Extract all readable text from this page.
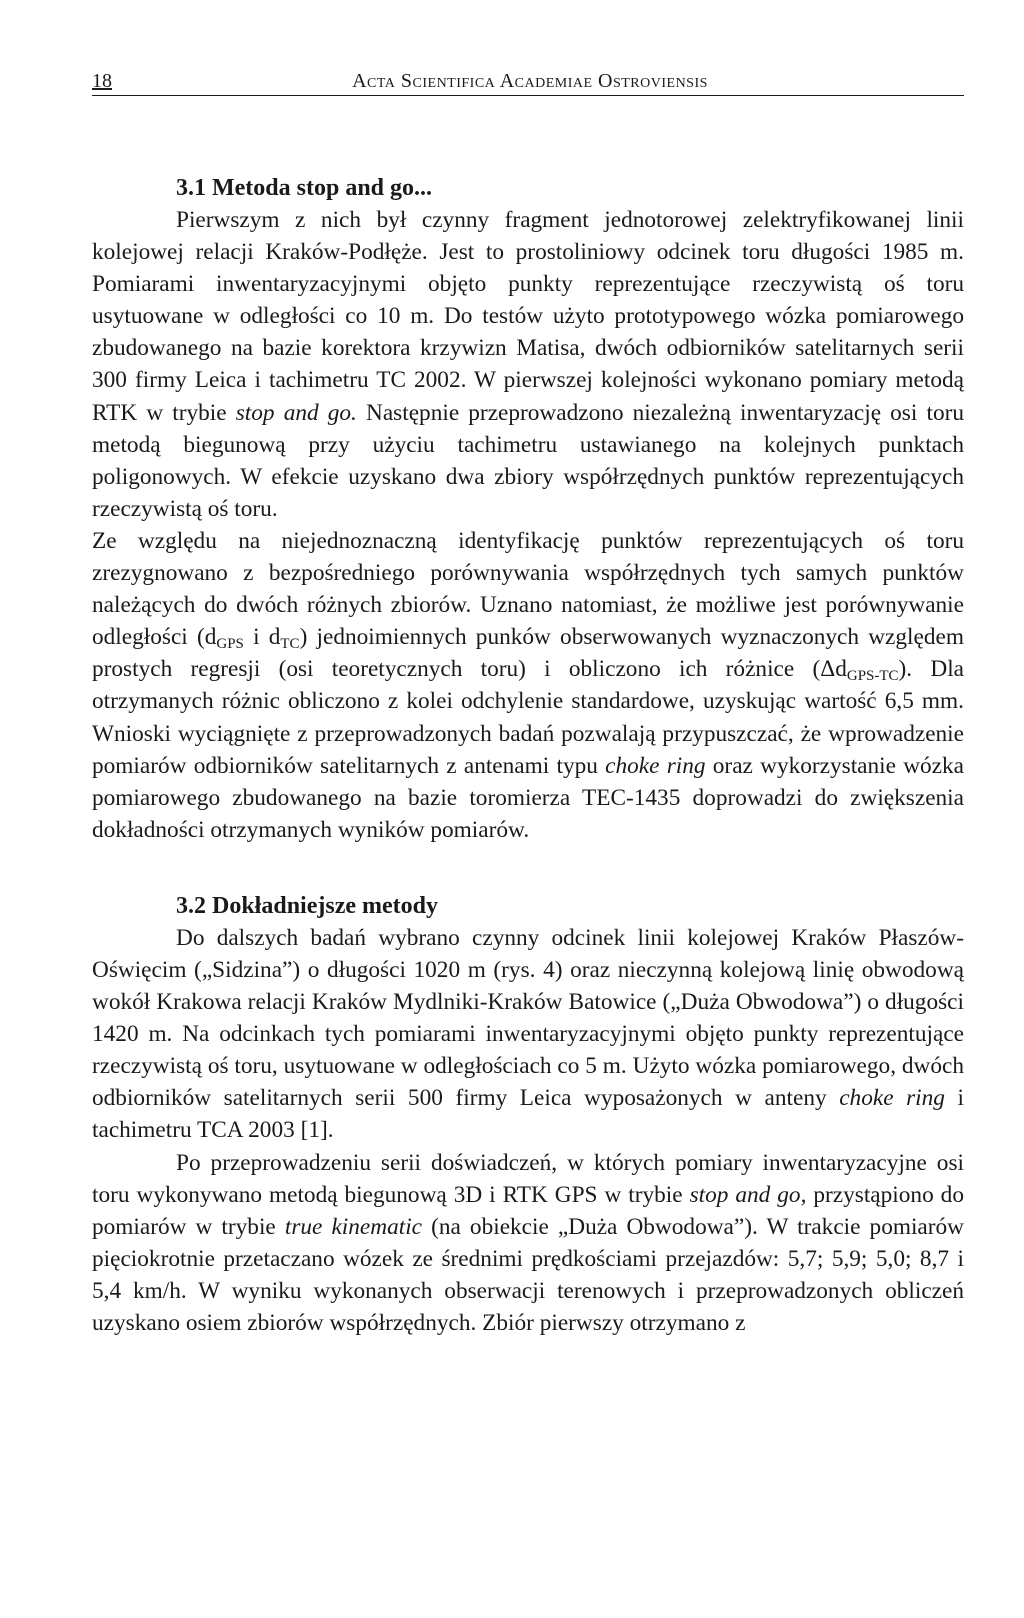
18	Acta Scientifica Academiae Ostroviensis
3.1 Metoda stop and go...

Pierwszym z nich był czynny fragment jednotorowej zelektryfikowanej linii kolejowej relacji Kraków-Podłęże. Jest to prostoliniowy odcinek toru długości 1985 m. Pomiarami inwentaryzacyjnymi objęto punkty reprezentujące rzeczywistą oś toru usytuowane w odległości co 10 m. Do testów użyto prototypowego wózka pomiarowego zbudowanego na bazie korektora krzywizn Matisa, dwóch odbiorników satelitarnych serii 300 firmy Leica i tachimetru TC 2002. W pierwszej kolejności wykonano pomiary metodą RTK w trybie stop and go. Następnie przeprowadzono niezależną inwentaryzację osi toru metodą biegunową przy użyciu tachimetru ustawianego na kolejnych punktach poligonowych. W efekcie uzyskano dwa zbiory współrzędnych punktów reprezentujących rzeczywistą oś toru.

Ze względu na niejednoznaczną identyfikację punktów reprezentujących oś toru zrezygnowano z bezpośredniego porównywania współrzędnych tych samych punktów należących do dwóch różnych zbiorów. Uznano natomiast, że możliwe jest porównywanie odległości ($d_{GPS}$ i $d_{TC}$) jednoimiennych punków obserwowanych wyznaczonych względem prostych regresji (osi teoretycznych toru) i obliczono ich różnice $(\Delta d_{GPS-TC})$. Dla otrzymanych różnic obliczono z kolei odchylenie standardowe, uzyskując wartość 6,5 mm. Wnioski wyciągnięte z przeprowadzonych badań pozwalają przypuszczać, że wprowadzenie pomiarów odbiorników satelitarnych z antenami typu choke ring oraz wykorzystanie wózka pomiarowego zbudowanego na bazie toromierza TEC-1435 doprowadzi do zwiększenia dokładności otrzymanych wyników pomiarów.

3.2 Dokładniejsze metody

Do dalszych badań wybrano czynny odcinek linii kolejowej Kraków Płaszów-Oświęcim („Sidzina”) o długości 1020 m (rys. 4) oraz nieczynną kolejową linię obwodową wokół Krakowa relacji Kraków Mydlniki-Kraków Batowice („Duża Obwodowa”) o długości 1420 m. Na odcinkach tych pomiarami inwentaryzacyjnymi objęto punkty reprezentujące rzeczywistą oś toru, usytuowane w odległościach co 5 m. Użyto wózka pomiarowego, dwóch odbiorników satelitarnych serii 500 firmy Leica wyposażonych w anteny choke ring i tachimetru TCA 2003 [1].

Po przeprowadzeniu serii doświadczeń, w których pomiary inwentaryzacyjne osi toru wykonywano metodą biegunową 3D i RTK GPS w trybie stop and go, przystąpiono do pomiarów w trybie true kinematic (na obiekcie „Duża Obwodowa”). W trakcie pomiarów pięciokrotnie przetaczano wózek ze średnimi prędkościami przejazdów: 5,7; 5,9; 5,0; 8,7 i 5,4 km/h. W wyniku wykonanych obserwacji terenowych i przeprowadzonych obliczeń uzyskano osiem zbiorów współrzędnych. Zbiór pierwszy otrzymano z
